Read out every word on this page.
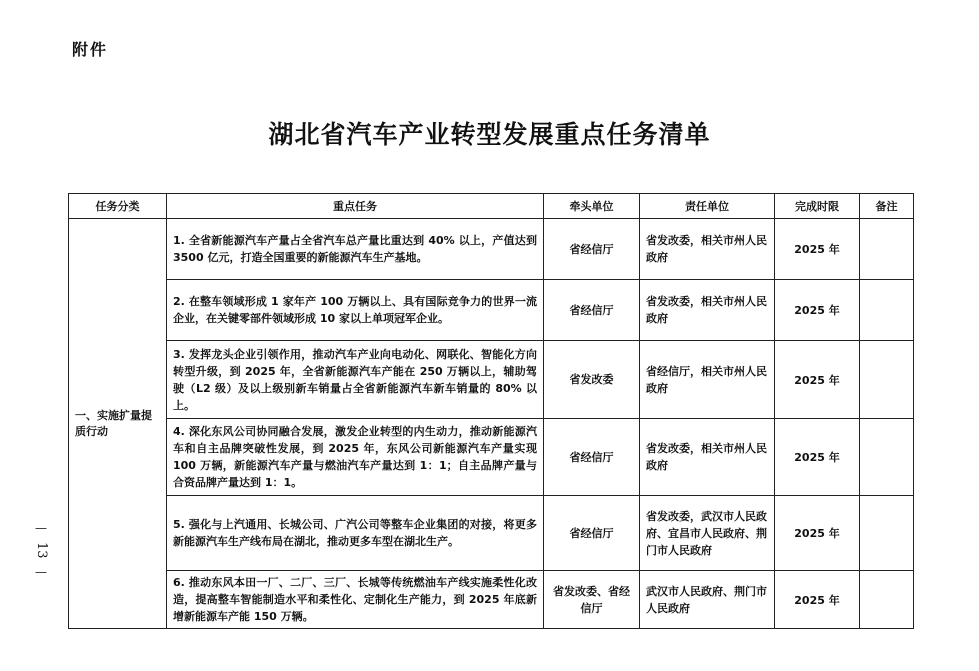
附件
湖北省汽车产业转型发展重点任务清单
—
13
—
任务分类	重点任务	牵头单位	责任单位	完成时限	备注
一、实施扩量提质行动	1. 全省新能源汽车产量占全省汽车总产量比重达到 40% 以上，产值达到 3500 亿元，打造全国重要的新能源汽车生产基地。	省经信厅	省发改委，相关市州人民政府	2025 年	
	2. 在整车领域形成 1 家年产 100 万辆以上、具有国际竞争力的世界一流企业，在关键零部件领域形成 10 家以上单项冠军企业。	省经信厅	省发改委，相关市州人民政府	2025 年	
	3. 发挥龙头企业引领作用，推动汽车产业向电动化、网联化、智能化方向转型升级，到 2025 年，全省新能源汽车产能在 250 万辆以上，辅助驾驶（L2 级）及以上级别新车销量占全省新能源汽车新车销量的 80% 以上。	省发改委	省经信厅，相关市州人民政府	2025 年	
	4. 深化东风公司协同融合发展，激发企业转型的内生动力，推动新能源汽车和自主品牌突破性发展，到 2025 年，东风公司新能源汽车产量实现 100 万辆，新能源汽车产量与燃油汽车产量达到 1：1；自主品牌产量与合资品牌产量达到 1：1。	省经信厅	省发改委，相关市州人民政府	2025 年	
	5. 强化与上汽通用、长城公司、广汽公司等整车企业集团的对接，将更多新能源汽车生产线布局在湖北，推动更多车型在湖北生产。	省经信厅	省发改委，武汉市人民政府、宜昌市人民政府、荆门市人民政府	2025 年	
	6. 推动东风本田一厂、二厂、三厂、长城等传统燃油车产线实施柔性化改造，提高整车智能制造水平和柔性化、定制化生产能力，到 2025 年底新增新能源车产能 150 万辆。	省发改委、省经信厅	武汉市人民政府、荆门市人民政府	2025 年	
